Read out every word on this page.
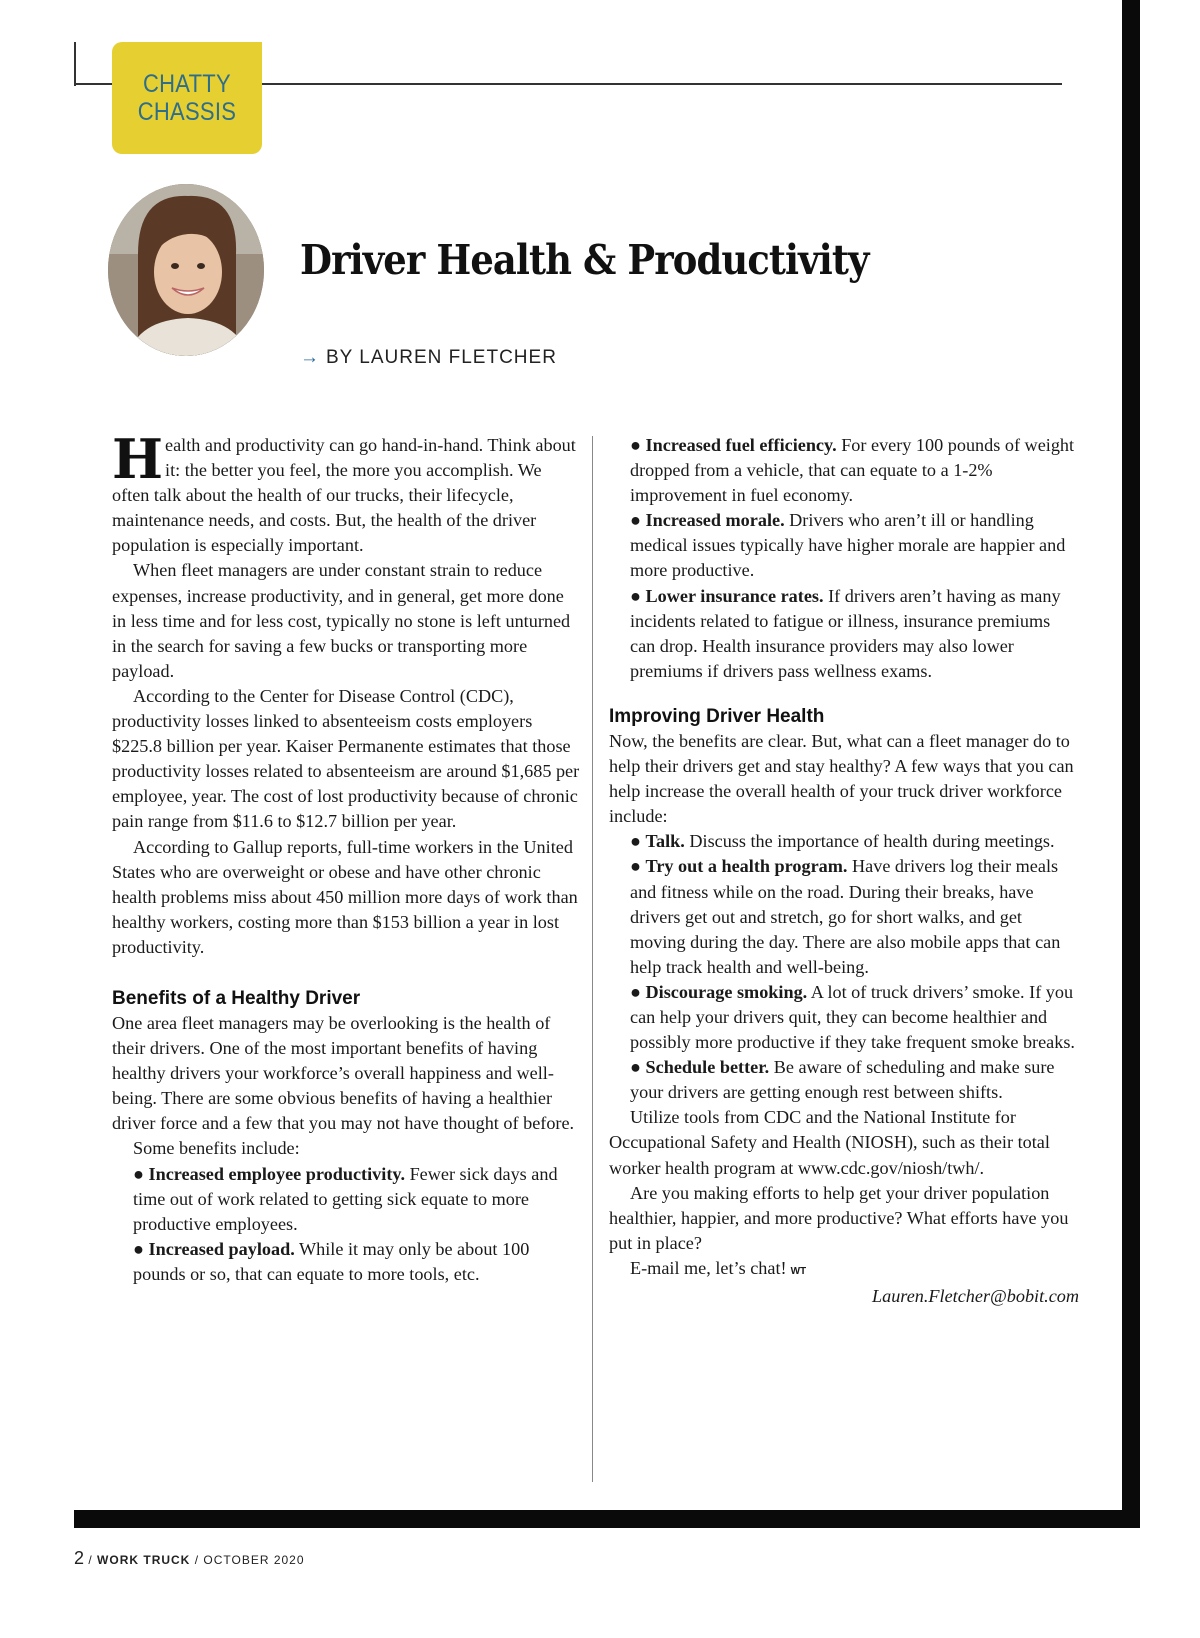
CHATTY
CHASSIS
Driver Health & Productivity
→ BY LAUREN FLETCHER

Health and productivity can go hand-in-hand. Think about it: the better you feel, the more you accomplish. We often talk about the health of our trucks, their lifecycle, maintenance needs, and costs. But, the health of the driver population is especially important.

When fleet managers are under constant strain to reduce expenses, increase productivity, and in general, get more done in less time and for less cost, typically no stone is left unturned in the search for saving a few bucks or transporting more payload.

According to the Center for Disease Control (CDC), productivity losses linked to absenteeism costs employers $225.8 billion per year. Kaiser Permanente estimates that those productivity losses related to absenteeism are around $1,685 per employee, year. The cost of lost productivity because of chronic pain range from $11.6 to $12.7 billion per year.

According to Gallup reports, full-time workers in the United States who are overweight or obese and have other chronic health problems miss about 450 million more days of work than healthy workers, costing more than $153 billion a year in lost productivity.

Benefits of a Healthy Driver

One area fleet managers may be overlooking is the health of their drivers. One of the most important benefits of having healthy drivers your workforce’s overall happiness and well-being. There are some obvious benefits of having a healthier driver force and a few that you may not have thought of before.

Some benefits include:

● Increased employee productivity. Fewer sick days and time out of work related to getting sick equate to more productive employees.

● Increased payload. While it may only be about 100 pounds or so, that can equate to more tools, etc.

● Increased fuel efficiency. For every 100 pounds of weight dropped from a vehicle, that can equate to a 1-2% improvement in fuel economy.

● Increased morale. Drivers who aren’t ill or handling medical issues typically have higher morale are happier and more productive.

● Lower insurance rates. If drivers aren’t having as many incidents related to fatigue or illness, insurance premiums can drop. Health insurance providers may also lower premiums if drivers pass wellness exams.

Improving Driver Health

Now, the benefits are clear. But, what can a fleet manager do to help their drivers get and stay healthy? A few ways that you can help increase the overall health of your truck driver workforce include:

● Talk. Discuss the importance of health during meetings.

● Try out a health program. Have drivers log their meals and fitness while on the road. During their breaks, have drivers get out and stretch, go for short walks, and get moving during the day. There are also mobile apps that can help track health and well-being.

● Discourage smoking. A lot of truck drivers’ smoke. If you can help your drivers quit, they can become healthier and possibly more productive if they take frequent smoke breaks.

● Schedule better. Be aware of scheduling and make sure your drivers are getting enough rest between shifts.

Utilize tools from CDC and the National Institute for Occupational Safety and Health (NIOSH), such as their total worker health program at www.cdc.gov/niosh/twh/.

Are you making efforts to help get your driver population healthier, happier, and more productive? What efforts have you put in place?

E-mail me, let’s chat! WT

Lauren.Fletcher@bobit.com

2 / WORK TRUCK / OCTOBER 2020
